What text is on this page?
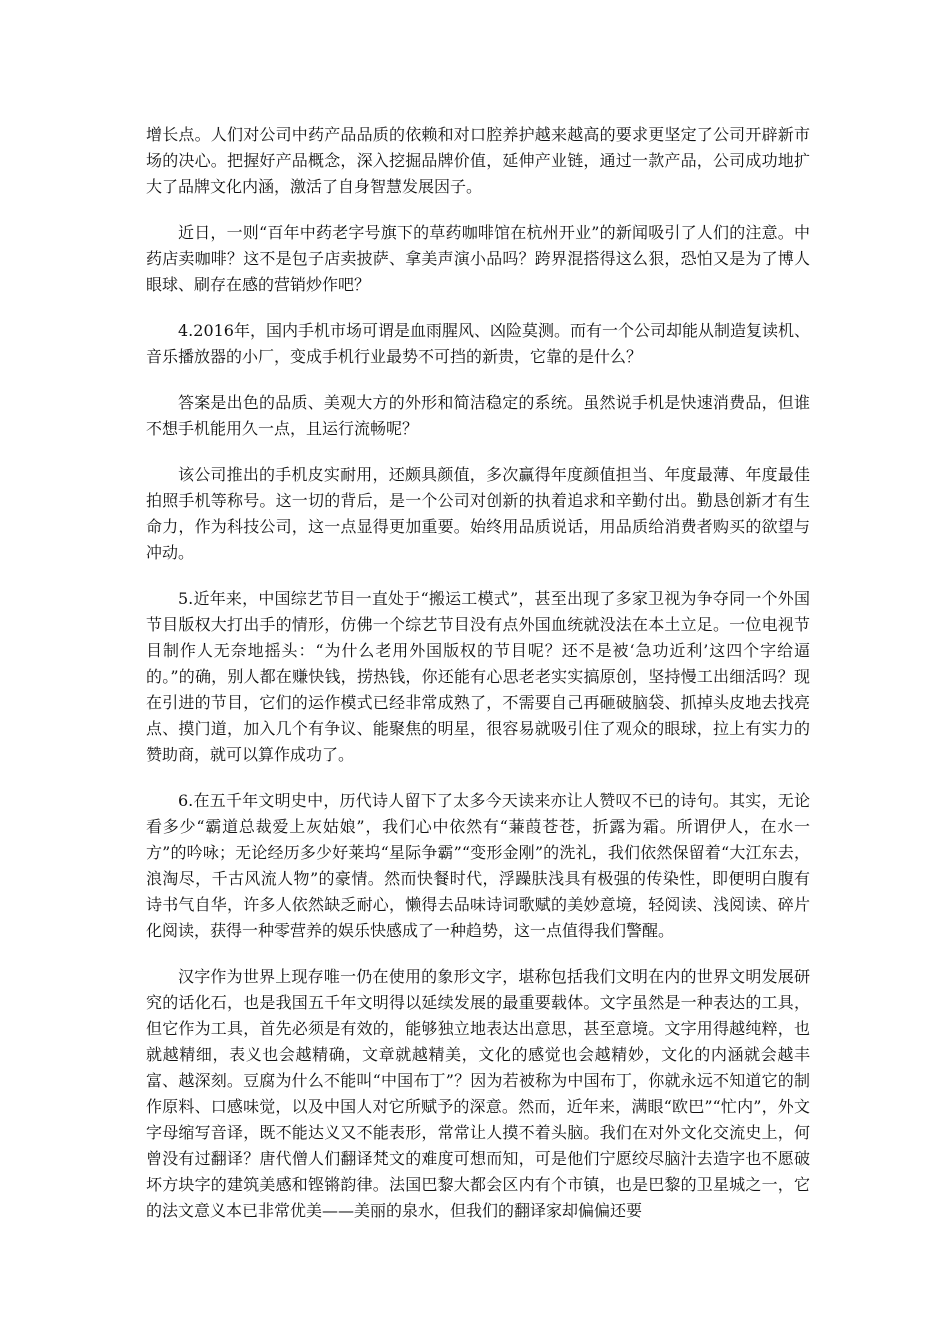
增长点。人们对公司中药产品品质的依赖和对口腔养护越来越高的要求更坚定了公司开辟新市场的决心。把握好产品概念，深入挖掘品牌价值，延伸产业链，通过一款产品，公司成功地扩大了品牌文化内涵，激活了自身智慧发展因子。

近日，一则“百年中药老字号旗下的草药咖啡馆在杭州开业”的新闻吸引了人们的注意。中药店卖咖啡？这不是包子店卖披萨、拿美声演小品吗？跨界混搭得这么狠，恐怕又是为了博人眼球、刷存在感的营销炒作吧？

4.2016年，国内手机市场可谓是血雨腥风、凶险莫测。而有一个公司却能从制造复读机、音乐播放器的小厂，变成手机行业最势不可挡的新贵，它靠的是什么？

答案是出色的品质、美观大方的外形和简洁稳定的系统。虽然说手机是快速消费品，但谁不想手机能用久一点，且运行流畅呢？

该公司推出的手机皮实耐用，还颇具颜值，多次赢得年度颜值担当、年度最薄、年度最佳拍照手机等称号。这一切的背后，是一个公司对创新的执着追求和辛勤付出。勤恳创新才有生命力，作为科技公司，这一点显得更加重要。始终用品质说话，用品质给消费者购买的欲望与冲动。

5.近年来，中国综艺节目一直处于“搬运工模式”，甚至出现了多家卫视为争夺同一个外国节目版权大打出手的情形，仿佛一个综艺节目没有点外国血统就没法在本土立足。一位电视节目制作人无奈地摇头：“为什么老用外国版权的节目呢？还不是被‘急功近利’这四个字给逼的。”的确，别人都在赚快钱，捞热钱，你还能有心思老老实实搞原创，坚持慢工出细活吗？现在引进的节目，它们的运作模式已经非常成熟了，不需要自己再砸破脑袋、抓掉头皮地去找亮点、摸门道，加入几个有争议、能聚焦的明星，很容易就吸引住了观众的眼球，拉上有实力的赞助商，就可以算作成功了。

6.在五千年文明史中，历代诗人留下了太多今天读来亦让人赞叹不已的诗句。其实，无论看多少“霸道总裁爱上灰姑娘”，我们心中依然有“蒹葭苍苍，折露为霜。所谓伊人，在水一方”的吟咏；无论经历多少好莱坞“星际争霸”“变形金刚”的洗礼，我们依然保留着“大江东去，浪淘尽，千古风流人物”的豪情。然而快餐时代，浮躁肤浅具有极强的传染性，即便明白腹有诗书气自华，许多人依然缺乏耐心，懒得去品味诗词歌赋的美妙意境，轻阅读、浅阅读、碎片化阅读，获得一种零营养的娱乐快感成了一种趋势，这一点值得我们警醒。

汉字作为世界上现存唯一仍在使用的象形文字，堪称包括我们文明在内的世界文明发展研究的话化石，也是我国五千年文明得以延续发展的最重要载体。文字虽然是一种表达的工具，但它作为工具，首先必须是有效的，能够独立地表达出意思，甚至意境。文字用得越纯粹，也就越精细，表义也会越精确，文章就越精美，文化的感觉也会越精妙，文化的内涵就会越丰富、越深刻。豆腐为什么不能叫“中国布丁”？因为若被称为中国布丁，你就永远不知道它的制作原料、口感味觉，以及中国人对它所赋予的深意。然而，近年来，满眼“欧巴”“忙内”，外文字母缩写音译，既不能达义又不能表形，常常让人摸不着头脑。我们在对外文化交流史上，何曾没有过翻译？唐代僧人们翻译梵文的难度可想而知，可是他们宁愿绞尽脑汁去造字也不愿破坏方块字的建筑美感和铿锵韵律。法国巴黎大都会区内有个市镇，也是巴黎的卫星城之一，它的法文意义本已非常优美——美丽的泉水，但我们的翻译家却偏偏还要
